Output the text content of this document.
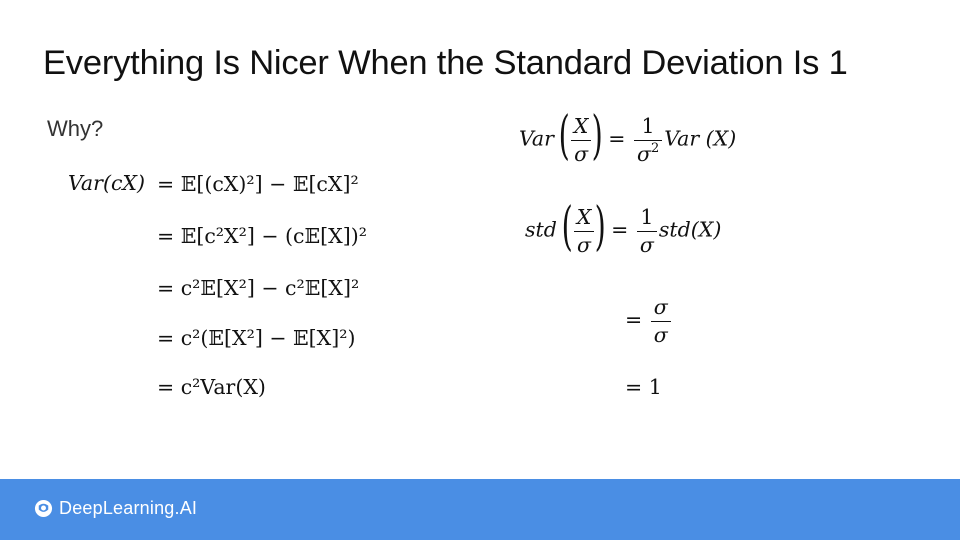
Everything Is Nicer When the Standard Deviation Is 1
Why?
Var(cX) = 𝔼[(cX)²] − 𝔼[cX]²
= 𝔼[c²X²] − (c𝔼[X])²
= c²𝔼[X²] − c²𝔼[X]²
= c²(𝔼[X²] − 𝔼[X]²)
= c²Var(X)
Var ( $\frac{X}{\sigma}$ ) = $\frac{1}{\sigma^2}$ Var (X)
std ( $\frac{X}{\sigma}$ ) = $\frac{1}{\sigma} std(X)$
= $\frac{\sigma}{\sigma}$
= 1
DeepLearning.AI
